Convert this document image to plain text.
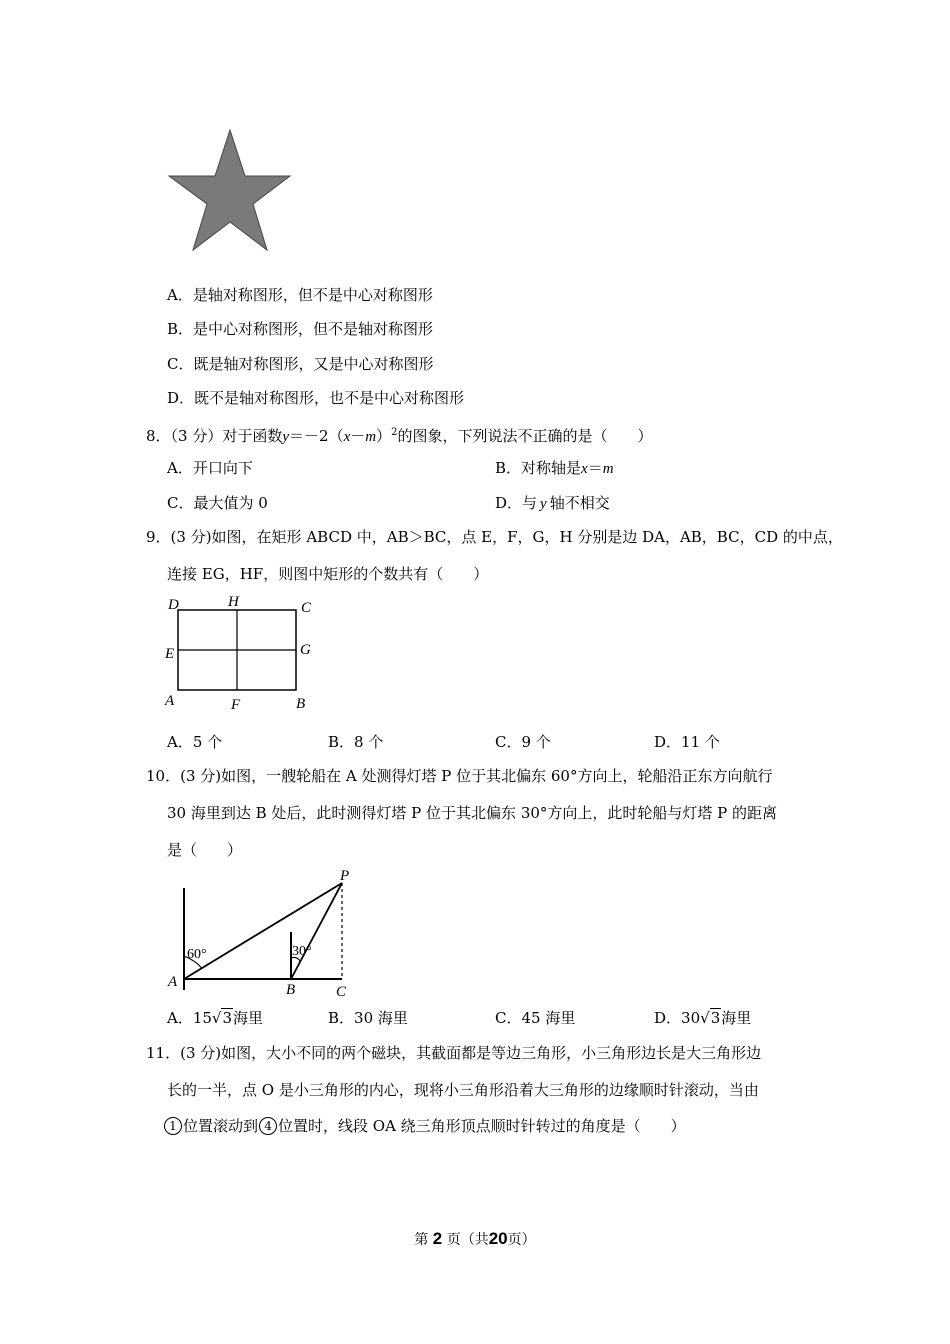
A．是轴对称图形，但不是中心对称图形
B．是中心对称图形，但不是轴对称图形
C．既是轴对称图形，又是中心对称图形
D．既不是轴对称图形，也不是中心对称图形
8．（3 分）对于函数$y=-2(x-m)^2$的图象，下列说法不正确的是（　　）
A．开口向下	B．对称轴是x＝m
C．最大值为 0	D．与 y 轴不相交
9．(3 分)如图，在矩形 ABCD 中，AB＞BC，点 E，F，G，H 分别是边 DA，AB，BC，CD 的中点，
连接 EG，HF，则图中矩形的个数共有（　　）
D	H	C
E	G
A	F	B
A．5 个	B．8 个	C．9 个	D．11 个
10．(3 分)如图，一艘轮船在 A 处测得灯塔 P 位于其北偏东 60°方向上，轮船沿正东方向航行
30 海里到达 B 处后，此时测得灯塔 P 位于其北偏东 30°方向上，此时轮船与灯塔 P 的距离
是（　　）
P
A	B	C
60°	30°
A．15√3海里	B．30 海里	C．45 海里	D．30√3海里
11．(3 分)如图，大小不同的两个磁块，其截面都是等边三角形，小三角形边长是大三角形边
长的一半，点 O 是小三角形的内心，现将小三角形沿着大三角形的边缘顺时针滚动，当由
1 位置滚动到 4 位置时，线段 OA 绕三角形顶点顺时针转过的角度是（　　）
第 2 页（共20页）
